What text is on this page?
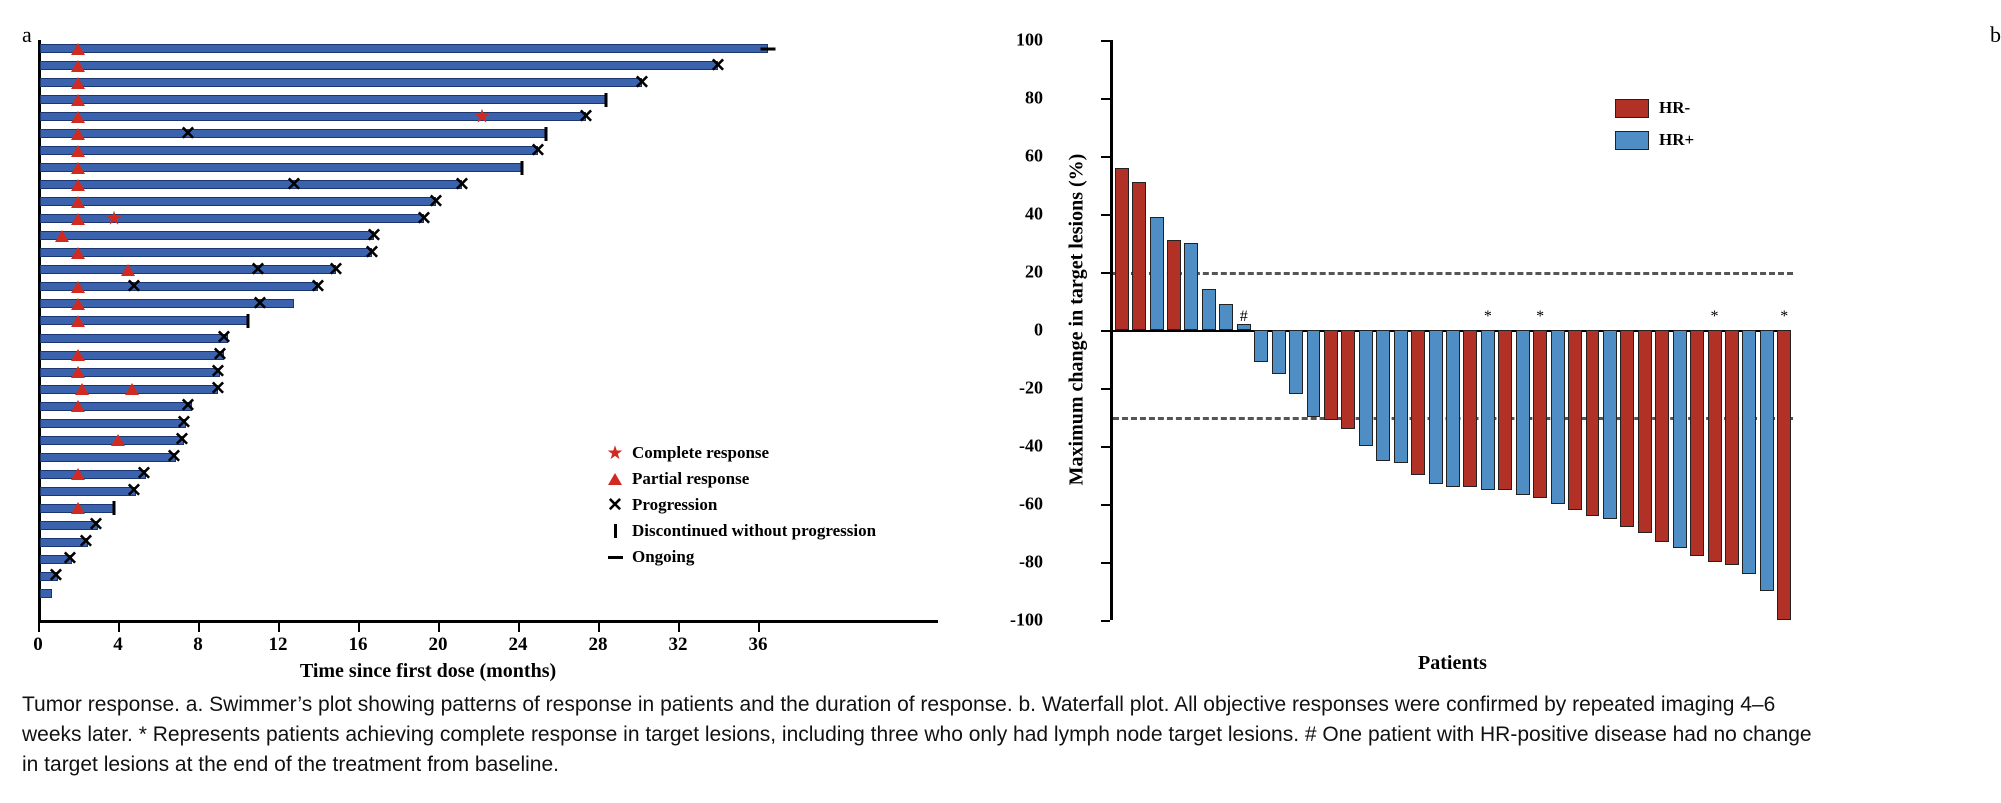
a
✕
✕
★	✕
✕
✕
✕	✕
✕
★	✕
✕
✕
✕	✕
✕	✕
✕
✕
✕
✕
✕
✕
✕
✕
✕
✕
✕
✕
✕
✕
✕
0	4	8	12	16	20	24	28	32	36
Time since first dose (months)
★ Complete response
Partial response
✕ Progression
Discontinued without progression
Ongoing
b
#	*	*	*	*
Maximum change in target lesions (%)
Patients
HR-
HR+
-100
-80
-60
-40
-20
0
20
40
60
80
100
Tumor response. a. Swimmer’s plot showing patterns of response in patients and the duration of response. b. Waterfall plot. All objective responses were confirmed by repeated imaging 4–6 weeks later. * Represents patients achieving complete response in target lesions, including three who only had lymph node target lesions. # One patient with HR-positive disease had no change in target lesions at the end of the treatment from baseline.
